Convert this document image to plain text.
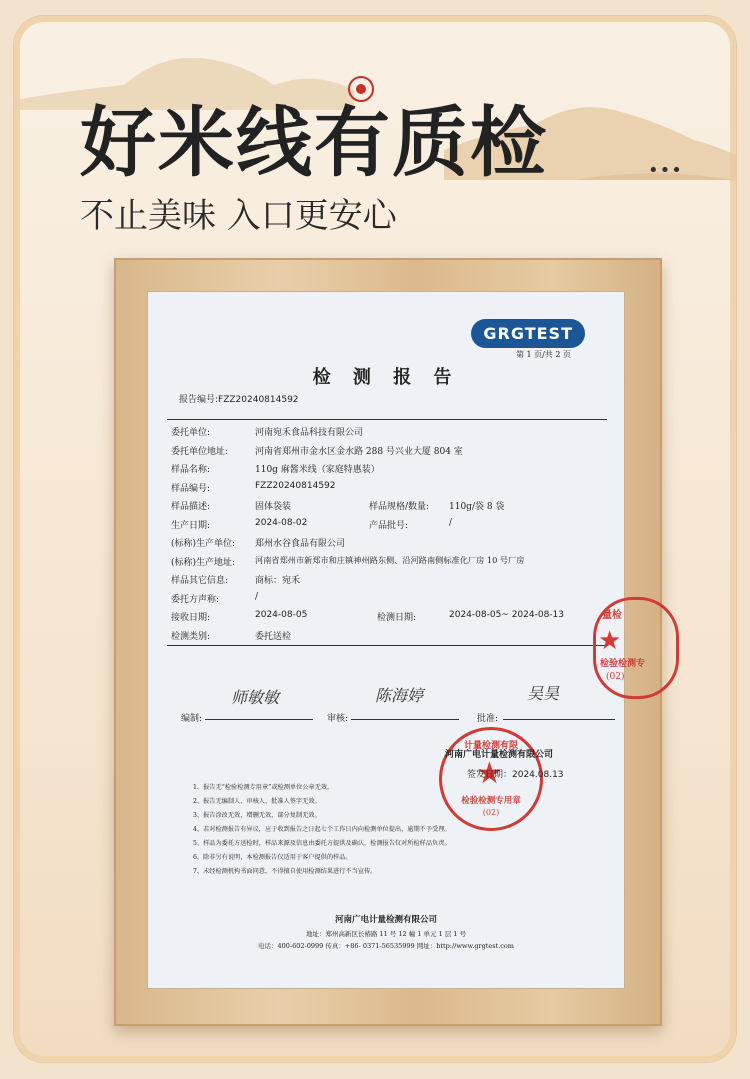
好米线有质检	•••
不止美味 入口更安心
GRGTEST
第 1 页/共 2 页
检 测 报 告
报告编号:FZZ20240814592
委托单位:	河南宛禾食品科技有限公司
委托单位地址:	河南省郑州市金水区金水路 288 号兴业大厦 804 室
样品名称:	110g 麻酱米线（家庭特惠装）
样品编号:	FZZ20240814592
样品描述:	固体袋装	样品规格/数量: 110g/袋 8 袋
生产日期:	2024-08-02	产品批号:	/
(标称)生产单位: 郑州水谷食品有限公司
(标称)生产地址: 河南省郑州市新郑市和庄镇神州路东侧、沿河路南侧标准化厂房 10 号厂房
样品其它信息:	商标：宛禾
委托方声称:	/
接收日期:	2024-08-05	检测日期:	2024-08-05~ 2024-08-13
检测类别:	委托送检
编制:
师敏敏
审核:
陈海婷
批准:
吴昊
量检
★
检验检测专
(02)
计量检测有限
★
检验检测专用章
(02)
河南广电计量检测有限公司
签发日期：2024.08.13
1、报告无“检验检测专用章”或检测单位公章无效。
2、报告无编制人、审核人、批准人签字无效。
3、报告涂改无效，增删无效，部分复制无效。
4、若对检测报告有异议，应于收到报告之日起七个工作日内向检测单位提出，逾期不予受理。
5、样品为委托方送检时，样品来源及信息由委托方提供及确认，检测报告仅对所检样品负责。
6、除非另有说明，本检测报告仅适用于客户提供的样品。
7、未经检测机构书面同意，不得擅自使用检测结果进行不当宣传。
河南广电计量检测有限公司
地址：郑州高新区长椿路 11 号 12 幢 1 单元 1 层 1 号
电话：400-602-0999 传真：+86- 0371-56535999 网址：http://www.grgtest.com
